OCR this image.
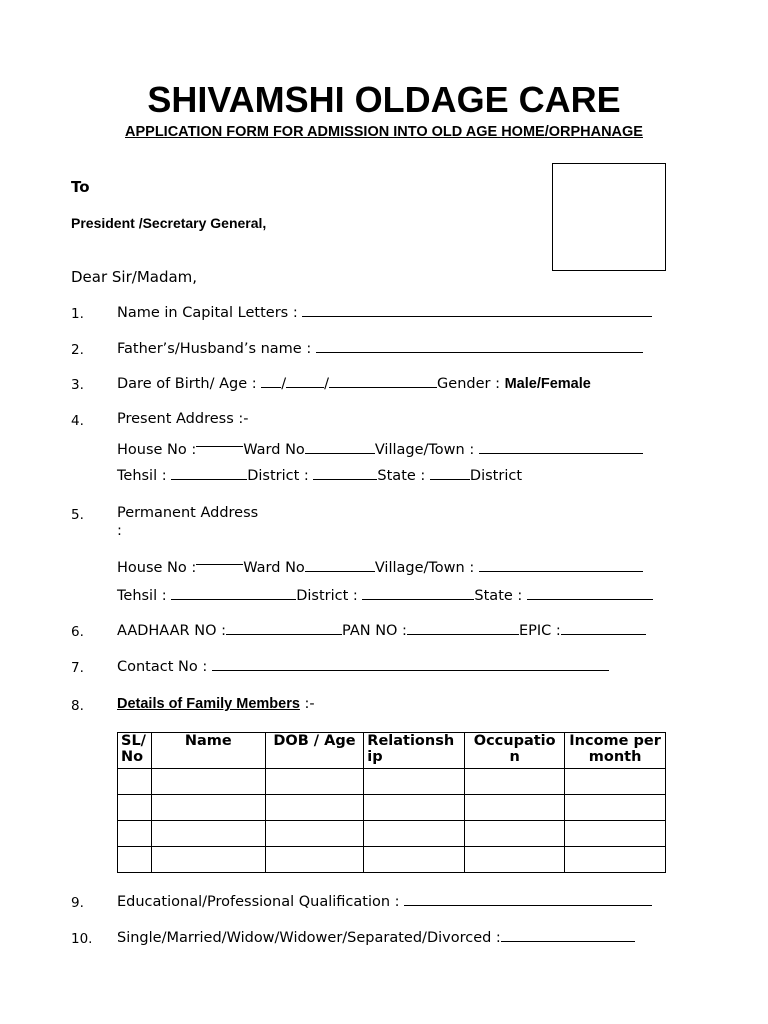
SHIVAMSHI OLDAGE CARE
APPLICATION FORM FOR ADMISSION INTO OLD AGE HOME/ORPHANAGE
To
President /Secretary General,
Dear Sir/Madam,
1. Name in Capital Letters :
2. Father’s/Husband’s name :
3. Dare of Birth/ Age : /	/	Gender : Male/Female
4. Present Address :-
House No :	Ward No	Village/Town :
Tehsil :	District :	State :	District
5. Permanent Address
:
House No :	Ward No	Village/Town :
Tehsil :	District :	State :
6. AADHAAR NO :	PAN NO :	EPIC :
7. Contact No :
8. Details of Family Members :-
SL/ No	Name	DOB / Age	Relationsh ip	Occupatio n	Income per month

9. Educational/Professional Qualification :
10. Single/Married/Widow/Widower/Separated/Divorced :
